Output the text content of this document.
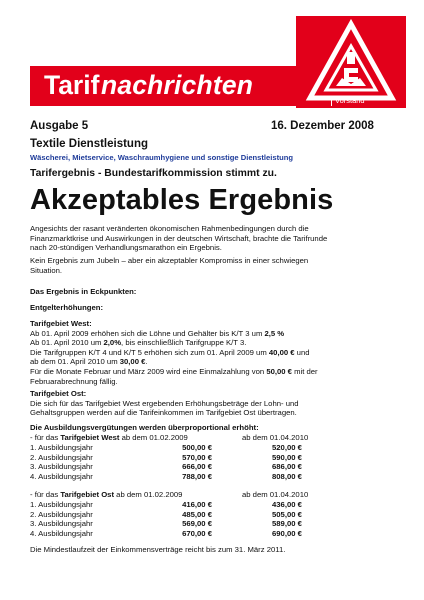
Tarifnachrichten
Vorstand
Ausgabe 5	16. Dezember 2008
Textile Dienstleistung
Wäscherei, Mietservice, Waschraumhygiene und sonstige Dienstleistung
Tarifergebnis - Bundestarifkommission stimmt zu.
Akzeptables Ergebnis
Angesichts der rasant veränderten ökonomischen Rahmenbedingungen durch die
Finanzmarktkrise und Auswirkungen in der deutschen Wirtschaft, brachte die Tarifrunde
nach 20-stündigen Verhandlungsmarathon ein Ergebnis.
Kein Ergebnis zum Jubeln – aber ein akzeptabler Kompromiss in einer schwiegen
Situation.
Das Ergebnis in Eckpunkten:
Entgelterhöhungen:
Tarifgebiet West:
Ab 01. April 2009 erhöhen sich die Löhne und Gehälter bis K/T 3 um 2,5 %
Ab 01. April 2010 um 2,0%, bis einschließlich Tarifgruppe K/T 3.
Die Tarifgruppen K/T 4 und K/T 5 erhöhen sich zum 01. April 2009 um 40,00 € und
ab dem 01. April 2010 um 30,00 €.
Für die Monate Februar und März 2009 wird eine Einmalzahlung von 50,00 € mit der
Februarabrechnung fällig.
Tarifgebiet Ost:
Die sich für das Tarifgebiet West ergebenden Erhöhungsbeträge der Lohn- und
Gehaltsgruppen werden auf die Tarifeinkommen im Tarifgebiet Ost übertragen.
Die Ausbildungsvergütungen werden überproportional erhöht:
- für das Tarifgebiet West ab dem 01.02.2009	ab dem 01.04.2010
1. Ausbildungsjahr	500,00 €		520,00 €
2. Ausbildungsjahr	570,00 €		590,00 €
3. Ausbildungsjahr	666,00 €		686,00 €
4. Ausbildungsjahr	788,00 €		808,00 €
- für das Tarifgebiet Ost ab dem 01.02.2009	ab dem 01.04.2010
1. Ausbildungsjahr	416,00 €		436,00 €
2. Ausbildungsjahr	485,00 €		505,00 €
3. Ausbildungsjahr	569,00 €		589,00 €
4. Ausbildungsjahr	670,00 €		690,00 €
Die Mindestlaufzeit der Einkommensverträge reicht bis zum 31. März 2011.
